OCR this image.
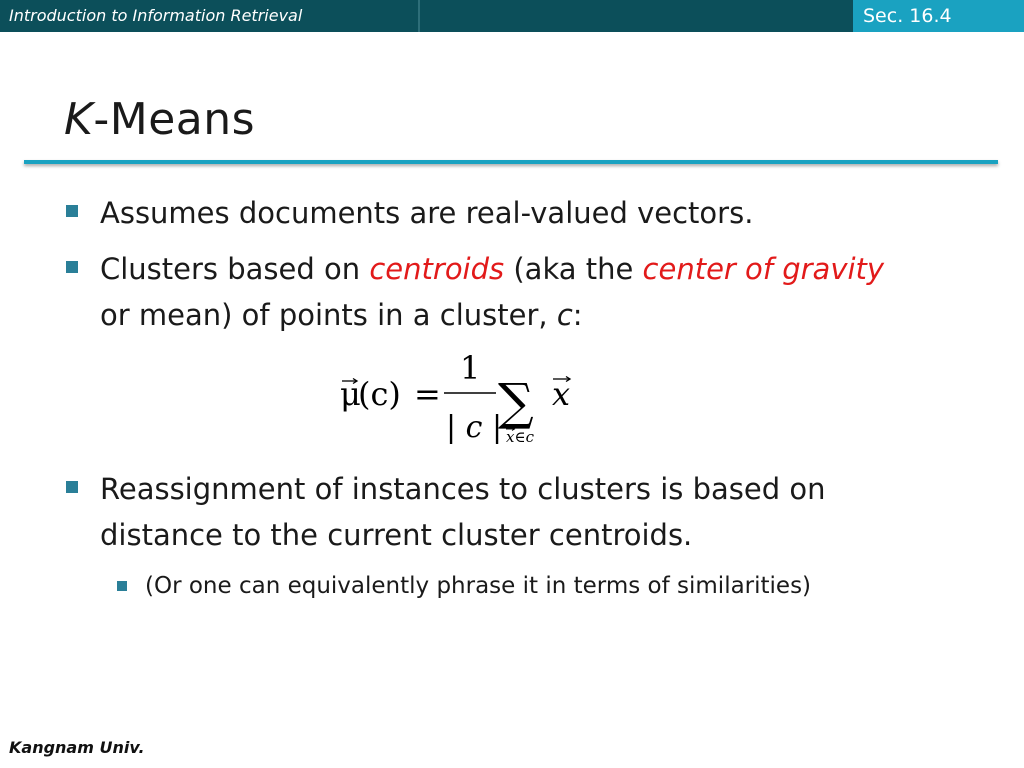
Introduction to Information Retrieval	Sec. 16.4
K-Means
Assumes documents are real-valued vectors.
Clusters based on centroids (aka the center of gravity
or mean) of points in a cluster, c:
Reassignment of instances to clusters is based on
distance to the current cluster centroids.
(Or one can equivalently phrase it in terms of similarities)
μ
(c) =
1
| c |
∑ x
x∈c
Kangnam Univ.
